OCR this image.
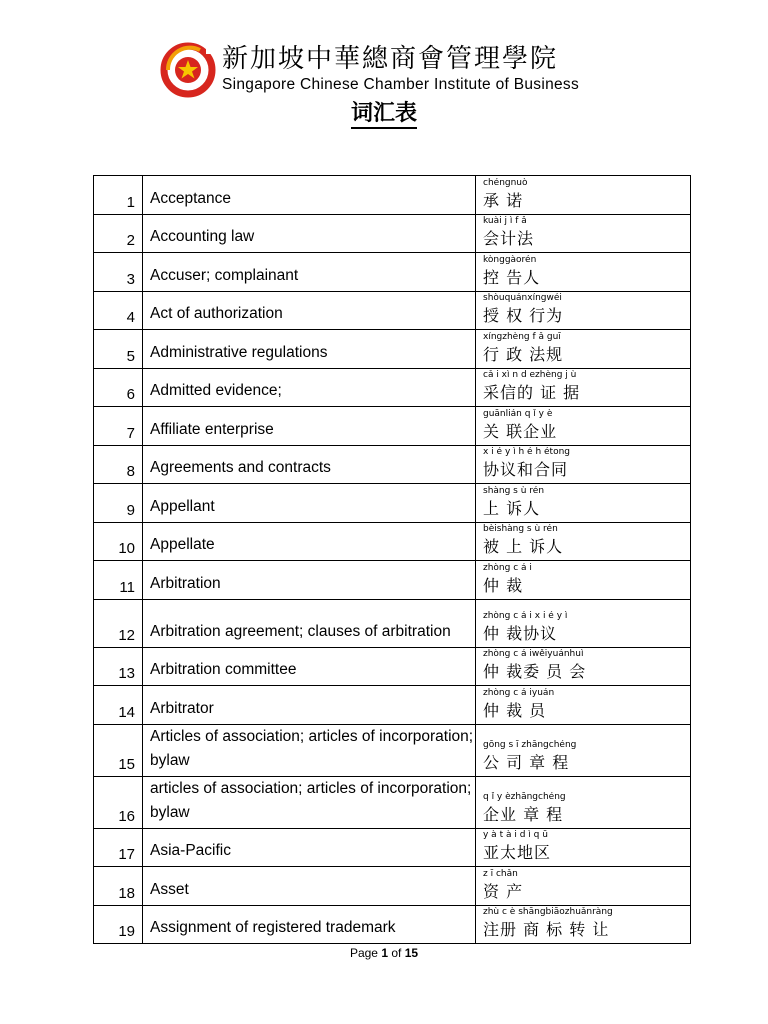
新加坡中華總商會管理學院
Singapore Chinese Chamber Institute of Business
词汇表
1	Acceptance	chéngnuò
承 诺

2	Accounting law	kuài j ì f ǎ
会计法

3	Accuser; complainant	kònggàorén
控 告人

4	Act of authorization	shòuquánxíngwéi
授 权 行为

5	Administrative regulations	xíngzhèng f ǎ guī
行 政 法规

6	Admitted evidence;	cǎ i xì n d ezhèng j ù
采信的 证 据

7	Affiliate enterprise	guānlián q ǐ y è
关 联企业

8	Agreements and contracts	x i é y ì h é h étong
协议和合同

9	Appellant	shàng s ù rén
上 诉人

10	Appellate	bèishàng s ù rén
被 上 诉人

11	Arbitration	zhòng c á i
仲 裁

12	Arbitration agreement; clauses of arbitration	zhòng c á i x i é y ì
仲 裁协议

13	Arbitration committee	zhòng c á iwěiyuánhuì
仲 裁委 员 会

14	Arbitrator	zhòng c á iyuán
仲 裁 员

15	Articles of association; articles of incorporation; bylaw	gōng s ī zhāngchéng
公 司 章 程

16	articles of association; articles of incorporation; bylaw	q ǐ y èzhāngchéng
企业 章 程

17	Asia-Pacific	y à t à i d ì q ū
亚太地区

18	Asset	z ī chǎn
资 产

19	Assignment of registered trademark	zhù c è shāngbiāozhuǎnràng
注册 商 标 转 让
Page 1 of 15
